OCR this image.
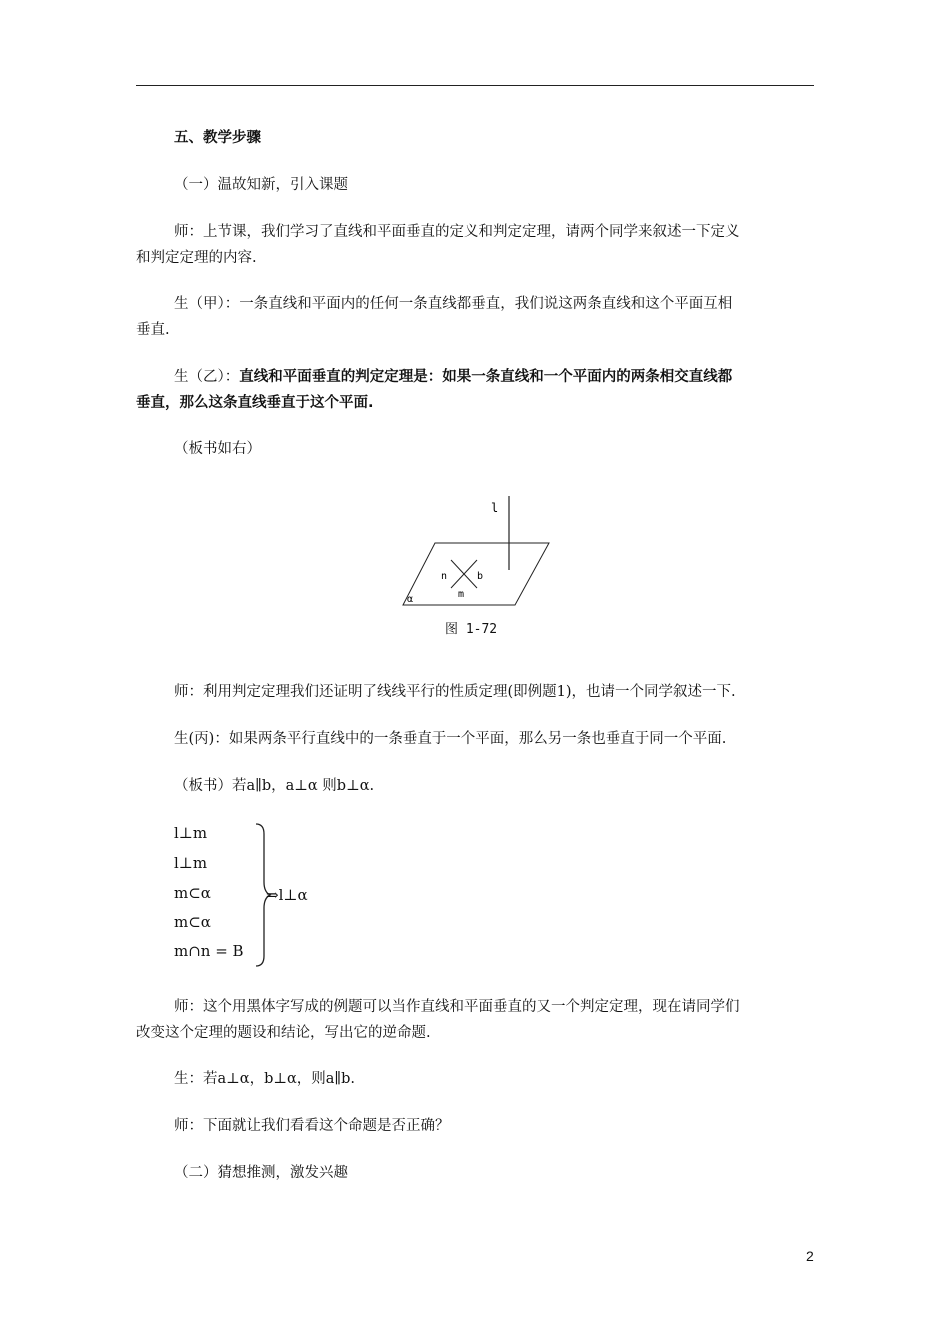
五、教学步骤
（一）温故知新，引入课题
师：上节课，我们学习了直线和平面垂直的定义和判定定理，请两个同学来叙述一下定义
和判定定理的内容.
生（甲）：一条直线和平面内的任何一条直线都垂直，我们说这两条直线和这个平面互相
垂直.
生（乙）：直线和平面垂直的判定定理是：如果一条直线和一个平面内的两条相交直线都
垂直，那么这条直线垂直于这个平面.
（板书如右）
l
n	b
m
α
图 1-72
师：利用判定定理我们还证明了线线平行的性质定理(即例题1)，也请一个同学叙述一下.
生(丙)：如果两条平行直线中的一条垂直于一个平面，那么另一条也垂直于同一个平面.
（板书）若a∥b，a⊥α 则b⊥α.
l⊥m
l⊥m
m⊂α
m⊂α
m∩n = B
⇒l⊥α
师：这个用黑体字写成的例题可以当作直线和平面垂直的又一个判定定理，现在请同学们
改变这个定理的题设和结论，写出它的逆命题.
生：若a⊥α，b⊥α，则a∥b.
师：下面就让我们看看这个命题是否正确？
（二）猜想推测，激发兴趣
2
